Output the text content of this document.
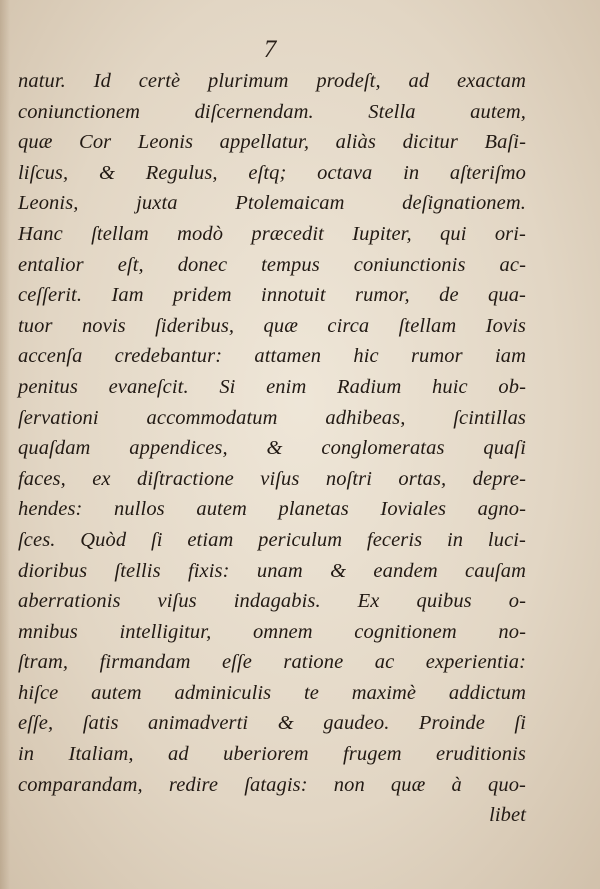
7
natur. Id certè plurimum prodeſt, ad exactam
coniunctionem diſcernendam. Stella autem,
quæ Cor Leonis appellatur, aliàs dicitur Baſi-
liſcus, & Regulus, eſtq; octava in aſteriſmo
Leonis, juxta Ptolemaicam deſignationem.
Hanc ſtellam modò præcedit Iupiter, qui ori-
entalior eſt, donec tempus coniunctionis ac-
ceſſerit. Iam pridem innotuit rumor, de qua-
tuor novis ſideribus, quæ circa ſtellam Iovis
accenſa credebantur: attamen hic rumor iam
penitus evaneſcit. Si enim Radium huic ob-
ſervationi accommodatum adhibeas, ſcintillas
quaſdam appendices, & conglomeratas quaſi
faces, ex diſtractione viſus noſtri ortas, depre-
hendes: nullos autem planetas Ioviales agno-
ſces. Quòd ſi etiam periculum feceris in luci-
dioribus ſtellis fixis: unam & eandem cauſam
aberrationis viſus indagabis. Ex quibus o-
mnibus intelligitur, omnem cognitionem no-
ſtram, firmandam eſſe ratione ac experientia:
hiſce autem adminiculis te maximè addictum
eſſe, ſatis animadverti & gaudeo. Proinde ſi
in Italiam, ad uberiorem frugem eruditionis
comparandam, redire ſatagis: non quæ à quo-
libet
